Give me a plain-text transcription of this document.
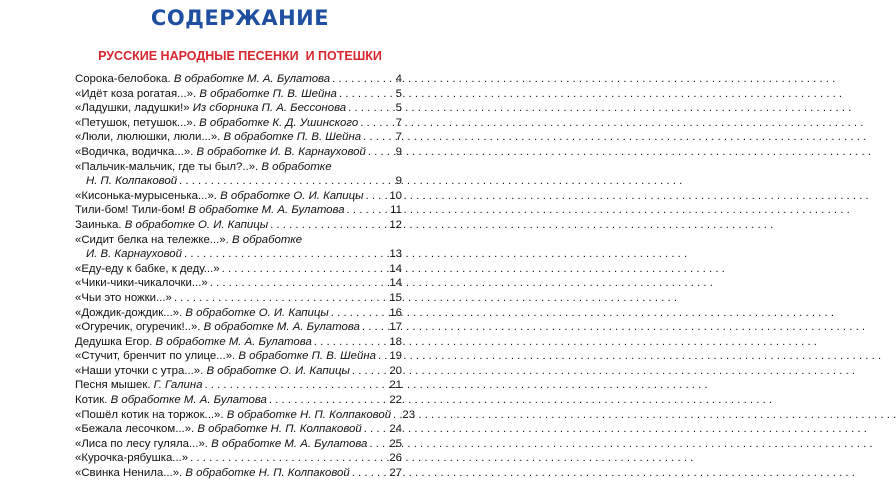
СОДЕРЖАНИЕ
РУССКИЕ НАРОДНЫЕ ПЕСЕНКИ  И ПОТЕШКИ
Сорока-белобока. В обработке М. А. Булатова . . .	4
«Идёт коза рогатая...». В обработке П. В. Шейна . . .	5
«Ладушки, ладушки!» Из сборника П. А. Бессонова . . .	5
«Петушок, петушок...». В обработке К. Д. Ушинского . . .	7
«Люли, люлюшки, люли...». В обработке П. В. Шейна . . .	7
«Водичка, водичка...». В обработке И. В. Карнауховой . . .	9
«Пальчик-мальчик, где ты был?..». В обработке
Н. П. Колпаковой . . .	9
«Кисонька-мурысенька...». В обработке О. И. Капицы . . . 10
Тили-бом! Тили-бом! В обработке М. А. Булатова . . .	11
Заинька. В обработке О. И. Капицы . . .	12
«Сидит белка на тележке...». В обработке
И. В. Карнауховой . . .	13
«Еду-еду к бабке, к деду...» . . .	14
«Чики-чики-чикалочки...» . . .	14
«Чьи это ножки...» . . .	15
«Дождик-дождик...». В обработке О. И. Капицы . . .	16
«Огуречик, огуречик!..». В обработке М. А. Булатова . . .	17
Дедушка Егор. В обработке М. А. Булатова . . .	18
«Стучит, бренчит по улице...». В обработке П. В. Шейна . . . 19
«Наши уточки с утра...». В обработке О. И. Капицы . . .	20
Песня мышек. Г. Галина . . .	21
Котик. В обработке М. А. Булатова . . .	22
«Пошёл котик на торжок...». В обработке Н. П. Колпаковой . . . 23
«Бежала лесочком...». В обработке Н. П. Колпаковой . . . 24
«Лиса по лесу гуляла...». В обработке М. А. Булатова . . . 25
«Курочка-рябушка...» . . .	26
«Свинка Ненила...». В обработке Н. П. Колпаковой . . .	27
